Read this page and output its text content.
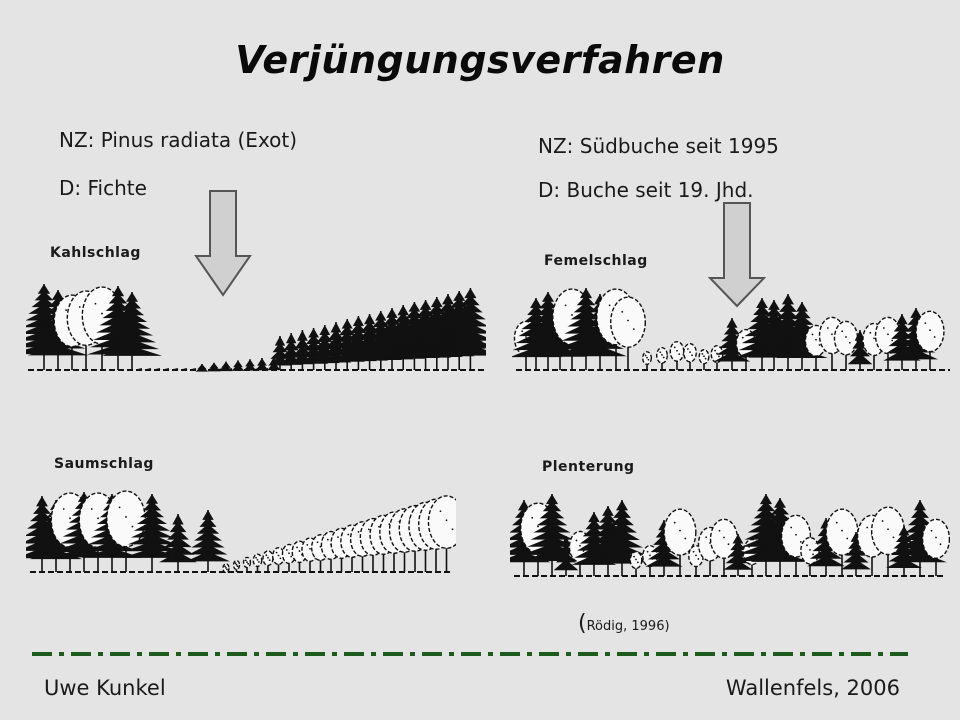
Verjüngungsverfahren
NZ: Pinus radiata (Exot)
D: Fichte
NZ: Südbuche seit 1995
D: Buche seit 19. Jhd.
Kahlschlag	Femelschlag
Saumschlag	Plenterung
(Rödig, 1996)
Uwe Kunkel	Wallenfels, 2006
